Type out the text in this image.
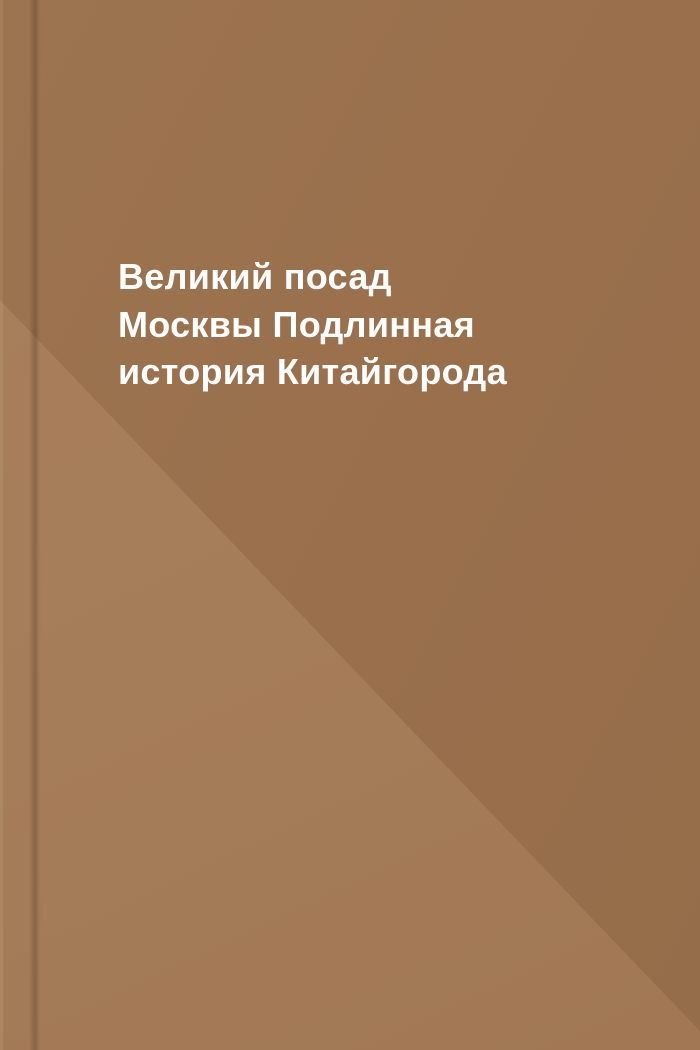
Великий посад
Москвы Подлинная
история Китайгорода
